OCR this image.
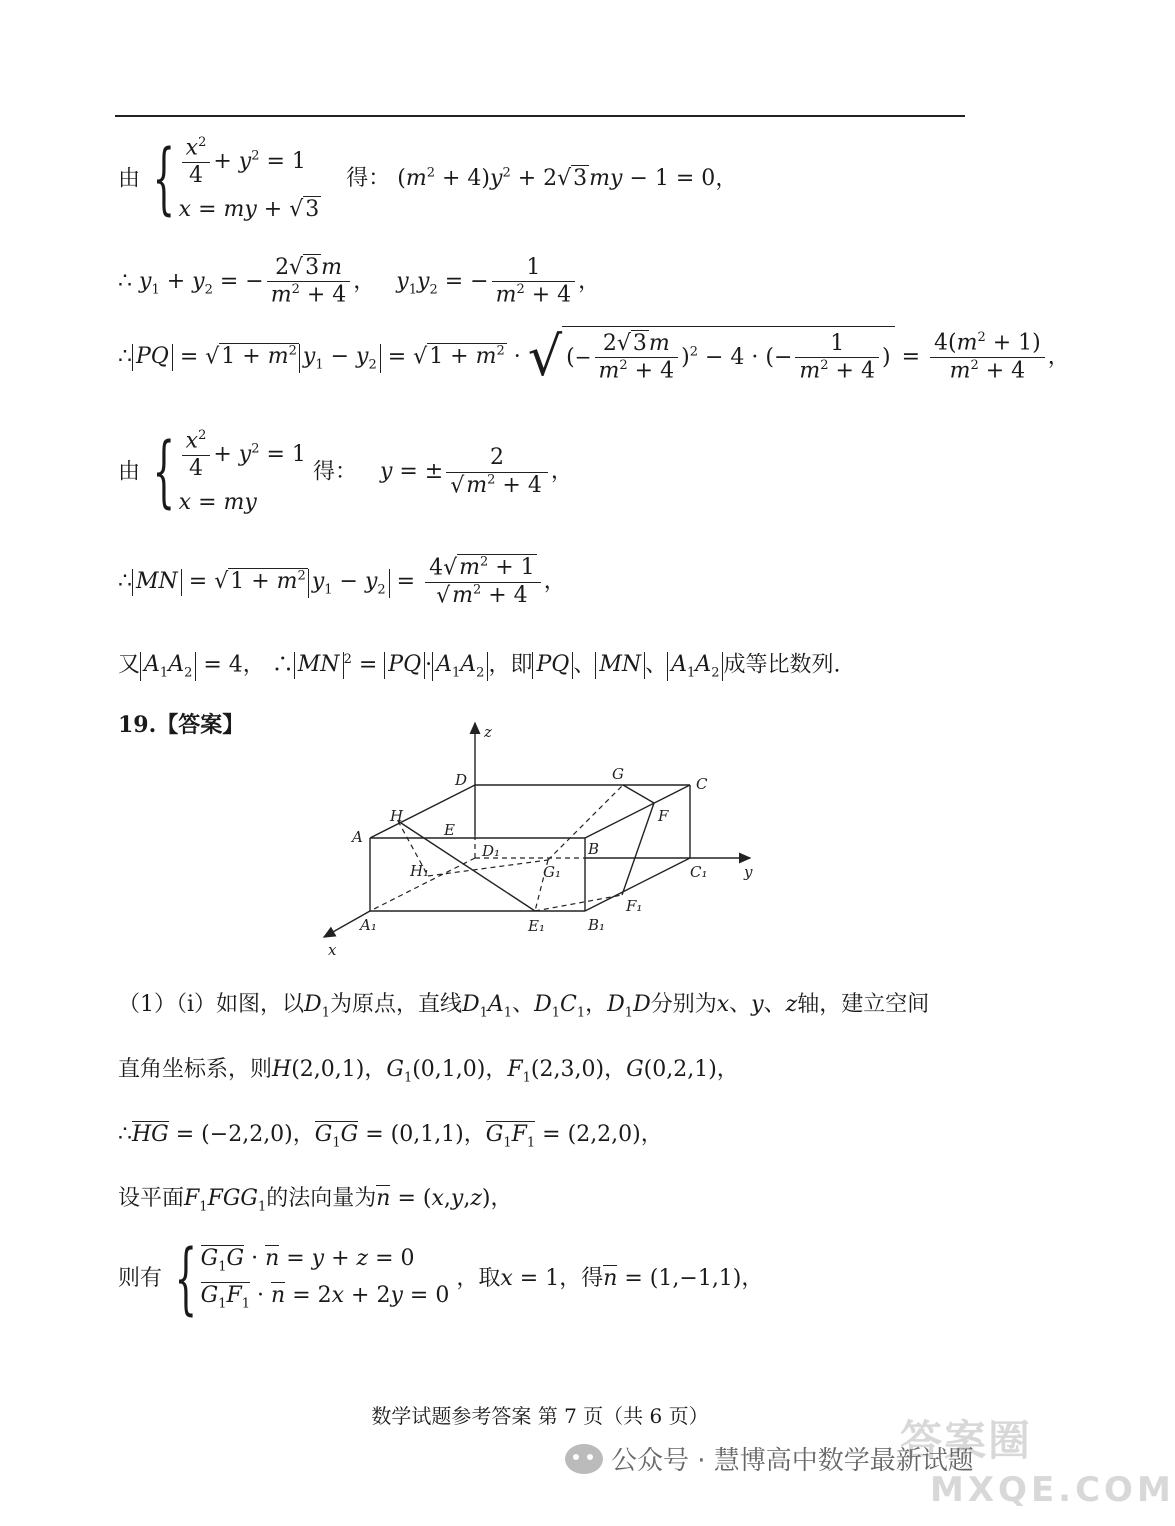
由 { $\frac{x^2}{4} + y^2 = 1$
x = my + √3
得： $(m^2 + 4)y^2 + 2√3my - 1 = 0$，
∴ $y_1 + y_2$ = − $\frac{2√3m}{m^2 + 4}$ ， $y_1y_2$ = − $\frac{1}{m^2 + 4}$ ，
∴ PQ = $√1 + m^2$ $y_1 - y_2 = √1 + m^2$ · √ (− $\frac{2√3m}{m^2 + 4} )^2 - 4$ · (− $\frac{1}{m^2 + 4}$ ) = $\frac{4(m^2 + 1)}{m^2 + 4}$ ，
由 { $\frac{x^2}{4} + y^2 = 1$
x = my
得： y = ± $\frac{2}{√m^2 + 4}$ ，
∴ MN = $√1 + m^2$ $y_1 - y_2 = \frac{4√m^2 + 1}{√m^2 + 4}$ ，
又 $A_1A_2 = 4$， ∴ MN $^2$ = PQ · $A_1A_2$ ，即 PQ 、 MN 、 $A_1A_2$ 成等比数列.
19.【答案】
A
B
C
D
E
F
G
H
A₁	B₁
C₁
D₁
E₁
F₁
G₁
H₁
x
y
z
（1）（ⅰ）如图，以$D_1$为原点，直线$D_1A_1$、$D_1C_1$，$D_1D$分别为x、y、z轴，建立空间
直角坐标系，则H(2,0,1)，$G_1(0,1,0)$，$F_1(2,3,0)$，G(0,2,1)，
∴HG = (−2,2,0)，$G_1G = (0,1,1)$，$G_1F_1 = (2,2,0)$，
设平面$F_1FGG_1$的法向量为n = (x,y,z)，
则有 { $G_1G \cdot n = y + z = 0$
$G_1F_1 \cdot n = 2x + 2y = 0$
，取x = 1，得n = (1,−1,1)，
数学试题参考答案 第 7 页（共 6 页）	答案圈
MXQE.COM
公众号 · 慧博高中数学最新试题
